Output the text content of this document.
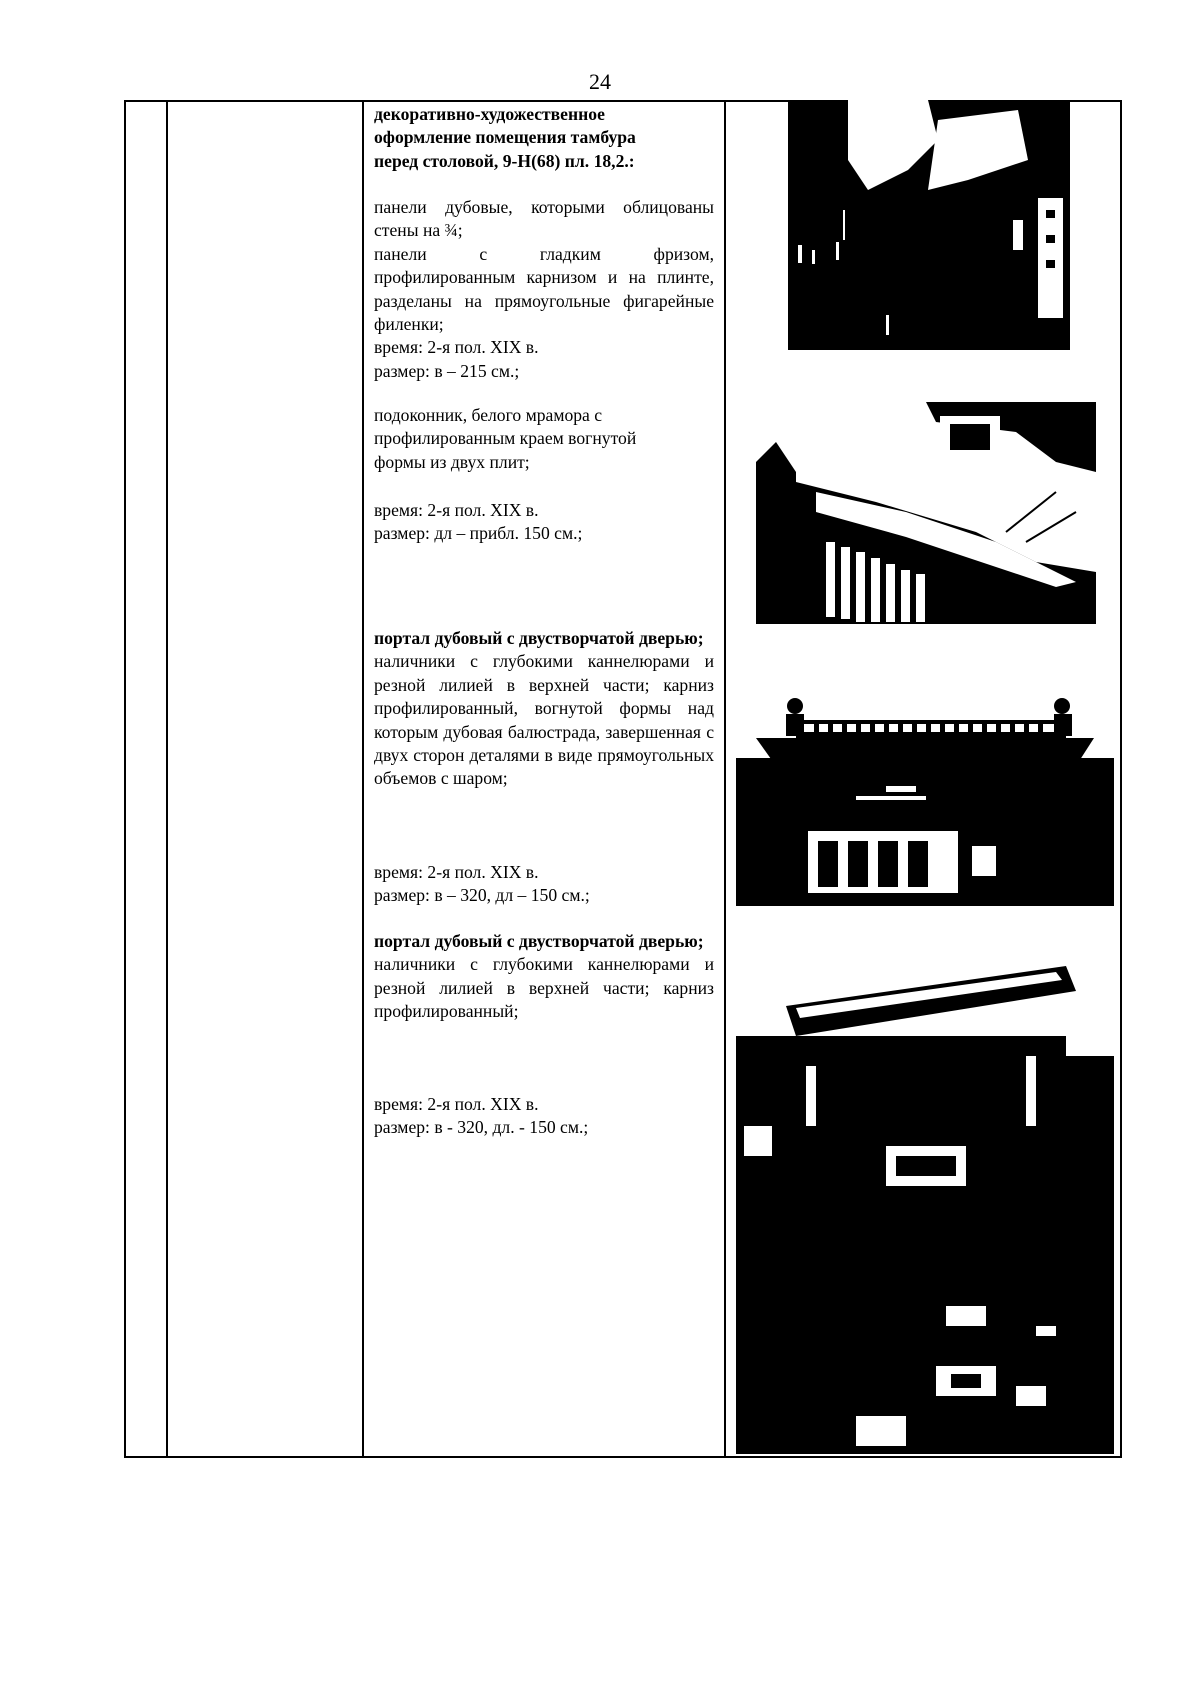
24

декоративно-художественное

оформление помещения тамбура

перед столовой, 9-Н(68) пл. 18,2.:

панели дубовые, которыми облицованы стены на ¾;

панели с гладким фризом, профилированным карнизом и на плинте, разделаны на прямоугольные фигарейные филенки;

время: 2-я пол. XIX в.

размер: в – 215 см.;

подоконник, белого мрамора с

профилированным краем вогнутой

формы из двух плит;

время: 2-я пол. XIX в.

размер: дл – прибл. 150 см.;

портал дубовый с двустворчатой дверью;

наличники с глубокими каннелюрами и резной лилией в верхней части; карниз профилированный, вогнутой формы над которым дубовая балюстрада, завершенная с двух сторон деталями в виде прямоугольных объемов с шаром;

время: 2-я пол. XIX в.

размер: в – 320, дл – 150 см.;

портал дубовый с двустворчатой дверью;

наличники с глубокими каннелюрами и резной лилией в верхней части; карниз профилированный;

время: 2-я пол. XIX в.

размер: в - 320, дл. - 150 см.;
